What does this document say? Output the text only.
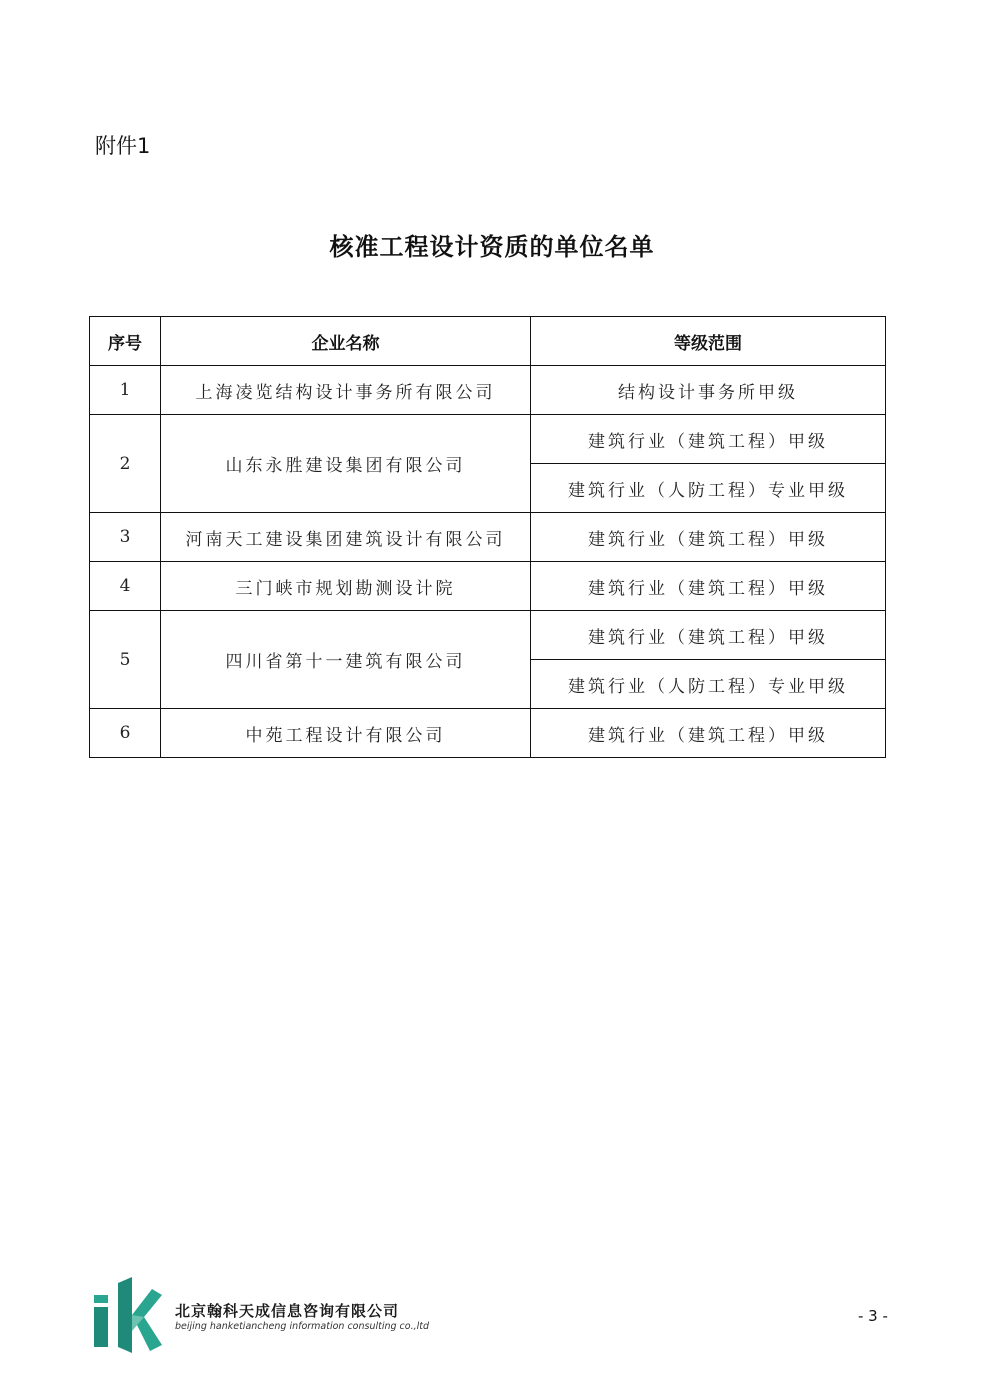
附件1
核准工程设计资质的单位名单
序号	企业名称	等级范围
1	上海凌览结构设计事务所有限公司	结构设计事务所甲级
2	山东永胜建设集团有限公司	建筑行业（建筑工程）甲级
		建筑行业（人防工程）专业甲级
3	河南天工建设集团建筑设计有限公司	建筑行业（建筑工程）甲级
4	三门峡市规划勘测设计院	建筑行业（建筑工程）甲级
5	四川省第十一建筑有限公司	建筑行业（建筑工程）甲级
		建筑行业（人防工程）专业甲级
6	中苑工程设计有限公司	建筑行业（建筑工程）甲级
北京翰科天成信息咨询有限公司
beijing hanketiancheng information consulting co.,ltd
- 3 -
